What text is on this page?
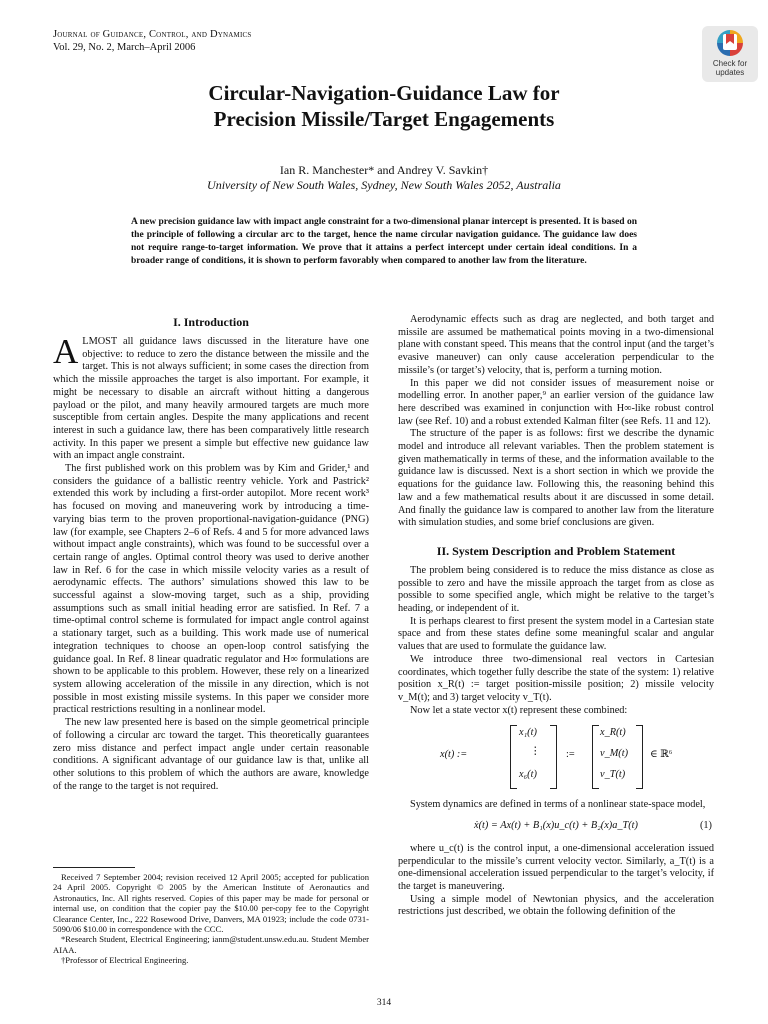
Journal of Guidance, Control, and Dynamics
Vol. 29, No. 2, March–April 2006
Check for updates
Circular-Navigation-Guidance Law for
Precision Missile/Target Engagements
Ian R. Manchester* and Andrey V. Savkin†
University of New South Wales, Sydney, New South Wales 2052, Australia
A new precision guidance law with impact angle constraint for a two-dimensional planar intercept is presented. It is based on the principle of following a circular arc to the target, hence the name circular navigation guidance. The guidance law does not require range-to-target information. We prove that it attains a perfect intercept under certain ideal conditions. In a broader range of conditions, it is shown to perform favorably when compared to another law from the literature.
I. Introduction

ALMOST all guidance laws discussed in the literature have one objective: to reduce to zero the distance between the missile and the target. This is not always sufficient; in some cases the direction from which the missile approaches the target is also important. For example, it might be necessary to disable an aircraft without hitting a dangerous payload or the pilot, and many heavily armoured targets are much more susceptible from certain angles. Despite the many applications and recent interest in such a guidance law, there has been comparatively little research activity. In this paper we present a simple but effective new guidance law with an impact angle constraint.

The first published work on this problem was by Kim and Grider,¹ and considers the guidance of a ballistic reentry vehicle. York and Pastrick² extended this work by including a first-order autopilot. More recent work³ has focused on moving and maneuvering work by introducing a time-varying bias term to the proven proportional-navigation-guidance (PNG) law (for example, see Chapters 2–6 of Refs. 4 and 5 for more advanced laws without impact angle constraints), which was found to be successful over a certain range of angles. Optimal control theory was used to derive another law in Ref. 6 for the case in which missile velocity varies as a result of aerodynamic effects. The authors’ simulations showed this law to be successful against a slow-moving target, such as a ship, providing assumptions such as small initial heading error are satisfied. In Ref. 7 a time-optimal control scheme is formulated for impact angle control against a stationary target, such as a building. This work made use of numerical integration techniques to choose an open-loop control satisfying the guidance goal. In Ref. 8 linear quadratic regulator and H∞ formulations are shown to be applicable to this problem. However, these rely on a linearized system allowing acceleration of the missile in any direction, which is not possible in most existing missile systems. In this paper we consider more practical restrictions resulting in a nonlinear model.

The new law presented here is based on the simple geometrical principle of following a circular arc toward the target. This theoretically guarantees zero miss distance and perfect impact angle under certain reasonable conditions. A significant advantage of our guidance law is that, unlike all other solutions to this problem of which the authors are aware, knowledge of the range to the target is not required.

Received 7 September 2004; revision received 12 April 2005; accepted for publication 24 April 2005. Copyright © 2005 by the American Institute of Aeronautics and Astronautics, Inc. All rights reserved. Copies of this paper may be made for personal or internal use, on condition that the copier pay the $10.00 per-copy fee to the Copyright Clearance Center, Inc., 222 Rosewood Drive, Danvers, MA 01923; include the code 0731-5090/06 $10.00 in correspondence with the CCC.

*Research Student, Electrical Engineering; ianm@student.unsw.edu.au. Student Member AIAA.

†Professor of Electrical Engineering.

Aerodynamic effects such as drag are neglected, and both target and missile are assumed be mathematical points moving in a two-dimensional plane with constant speed. This means that the control input (and the target’s evasive maneuver) can only cause acceleration perpendicular to the missile’s (or target’s) velocity, that is, perform a turning motion.

In this paper we did not consider issues of measurement noise or modelling error. In another paper,⁹ an earlier version of the guidance law here described was examined in conjunction with H∞-like robust control law (see Ref. 10) and a robust extended Kalman filter (see Refs. 11 and 12).

The structure of the paper is as follows: first we describe the dynamic model and introduce all relevant variables. Then the problem statement is given mathematically in terms of these, and the information available to the guidance law is discussed. Next is a short section in which we provide the equations for the guidance law. Following this, the reasoning behind this law and a few mathematical results about it are discussed in some detail. And finally the guidance law is compared to another law from the literature with simulation studies, and some brief conclusions are given.

II. System Description and Problem Statement

The problem being considered is to reduce the miss distance as close as possible to zero and have the missile approach the target from as close as possible to some specified angle, which might be relative to the target’s heading, or independent of it.

It is perhaps clearest to first present the system model in a Cartesian state space and from these states define some meaningful scalar and angular values that are used to formulate the guidance law.

We introduce three two-dimensional real vectors in Cartesian coordinates, which together fully describe the state of the system: 1) relative position x_R(t) := target position-missile position; 2) missile velocity v_M(t); and 3) target velocity v_T(t).

Now let a state vector x(t) represent these combined:

x(t) :=
x₁(t)
⋮
x₆(t)
:=
x_R(t)
v_M(t)
v_T(t)
∈ ℝ⁶

System dynamics are defined in terms of a nonlinear state-space model,

ẋ(t) = Ax(t) + B₁(x)u_c(t) + B₂(x)a_T(t)	(1)

where u_c(t) is the control input, a one-dimensional acceleration issued perpendicular to the missile’s current velocity vector. Similarly, a_T(t) is a one-dimensional acceleration issued perpendicular to the target’s velocity, if the target is maneuvering.

Using a simple model of Newtonian physics, and the acceleration restrictions just described, we obtain the following definition of the

314
